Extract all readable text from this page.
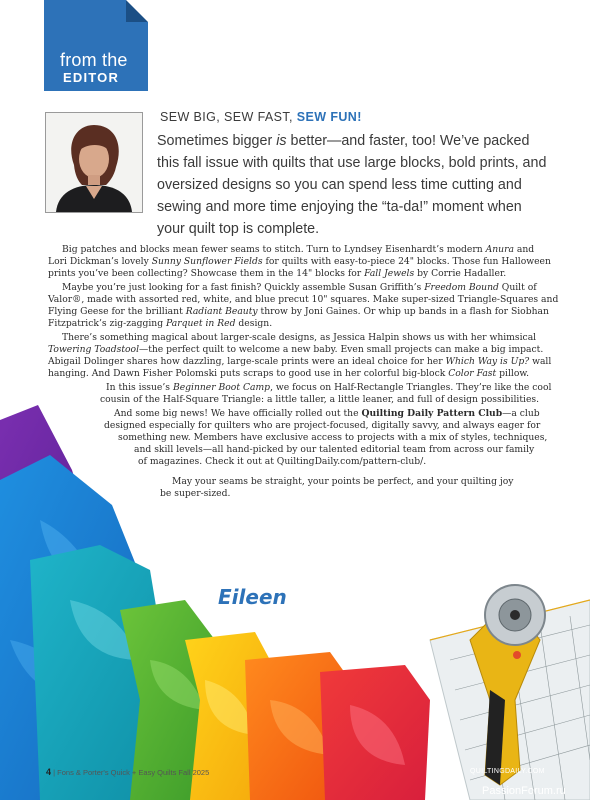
from the
EDITOR
SEW BIG, SEW FAST, SEW FUN!
Sometimes bigger is better—and faster, too! We’ve packed
this fall issue with quilts that use large blocks, bold prints, and
oversized designs so you can spend less time cutting and
sewing and more time enjoying the “ta-da!” moment when
your quilt top is complete.
Big patches and blocks mean fewer seams to stitch. Turn to Lyndsey Eisenhardt’s modern Anura and
Lori Dickman’s lovely Sunny Sunflower Fields for quilts with easy-to-piece 24" blocks. Those fun Halloween
prints you’ve been collecting? Showcase them in the 14" blocks for Fall Jewels by Corrie Hadaller.
Maybe you’re just looking for a fast finish? Quickly assemble Susan Griffith’s Freedom Bound Quilt of
Valor®, made with assorted red, white, and blue precut 10" squares. Make super-sized Triangle-Squares and
Flying Geese for the brilliant Radiant Beauty throw by Joni Gaines. Or whip up bands in a flash for Siobhan
Fitzpatrick’s zig-zagging Parquet in Red design.
There’s something magical about larger-scale designs, as Jessica Halpin shows us with her whimsical
Towering Toadstool—the perfect quilt to welcome a new baby. Even small projects can make a big impact.
Abigail Dolinger shares how dazzling, large-scale prints were an ideal choice for her Which Way is Up? wall
hanging. And Dawn Fisher Polomski puts scraps to good use in her colorful big-block Color Fast pillow.
In this issue’s Beginner Boot Camp, we focus on Half-Rectangle Triangles. They’re like the cool
cousin of the Half-Square Triangle: a little taller, a little leaner, and full of design possibilities.
And some big news! We have officially rolled out the Quilting Daily Pattern Club—a club
designed especially for quilters who are project-focused, digitally savvy, and always eager for
something new. Members have exclusive access to projects with a mix of styles, techniques,
and skill levels—all hand-picked by our talented editorial team from across our family
of magazines. Check it out at QuiltingDaily.com/pattern-club/.
May your seams be straight, your points be perfect, and your quilting joy
be super-sized.
Eileen
4 | Fons & Porter's Quick + Easy Quilts Fall 2025	QUILTINGDAILY.COM
PassionForum.ru
